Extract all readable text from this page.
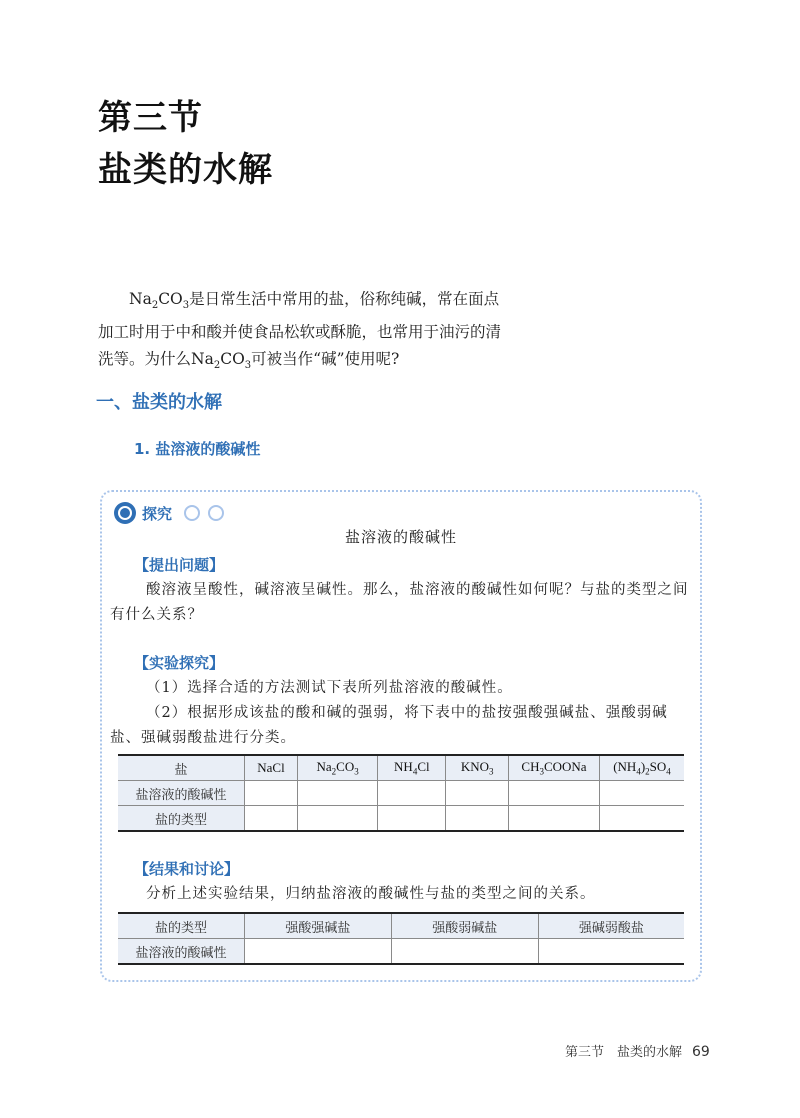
第三节
盐类的水解
$Na_2CO_3$是日常生活中常用的盐，俗称纯碱，常在面点加工时用于中和酸并使食品松软或酥脆，也常用于油污的清洗等。为什么$Na_2CO_3$可被当作“碱”使用呢?
一、盐类的水解
1. 盐溶液的酸碱性
探究
盐溶液的酸碱性
【提出问题】
酸溶液呈酸性，碱溶液呈碱性。那么，盐溶液的酸碱性如何呢？与盐的类型之间有什么关系？
【实验探究】
（1）选择合适的方法测试下表所列盐溶液的酸碱性。
（2）根据形成该盐的酸和碱的强弱，将下表中的盐按强酸强碱盐、强酸弱碱盐、强碱弱酸盐进行分类。
盐	NaCl	$Na_2CO_3$	$NH_4Cl$	$KNO_3$	$CH_3COONa$	$(NH_4)_2SO_4$
盐溶液的酸碱性						
盐的类型						
【结果和讨论】
分析上述实验结果，归纳盐溶液的酸碱性与盐的类型之间的关系。
盐的类型	强酸强碱盐	强酸弱碱盐	强碱弱酸盐
盐溶液的酸碱性			
第三节　盐类的水解 69
